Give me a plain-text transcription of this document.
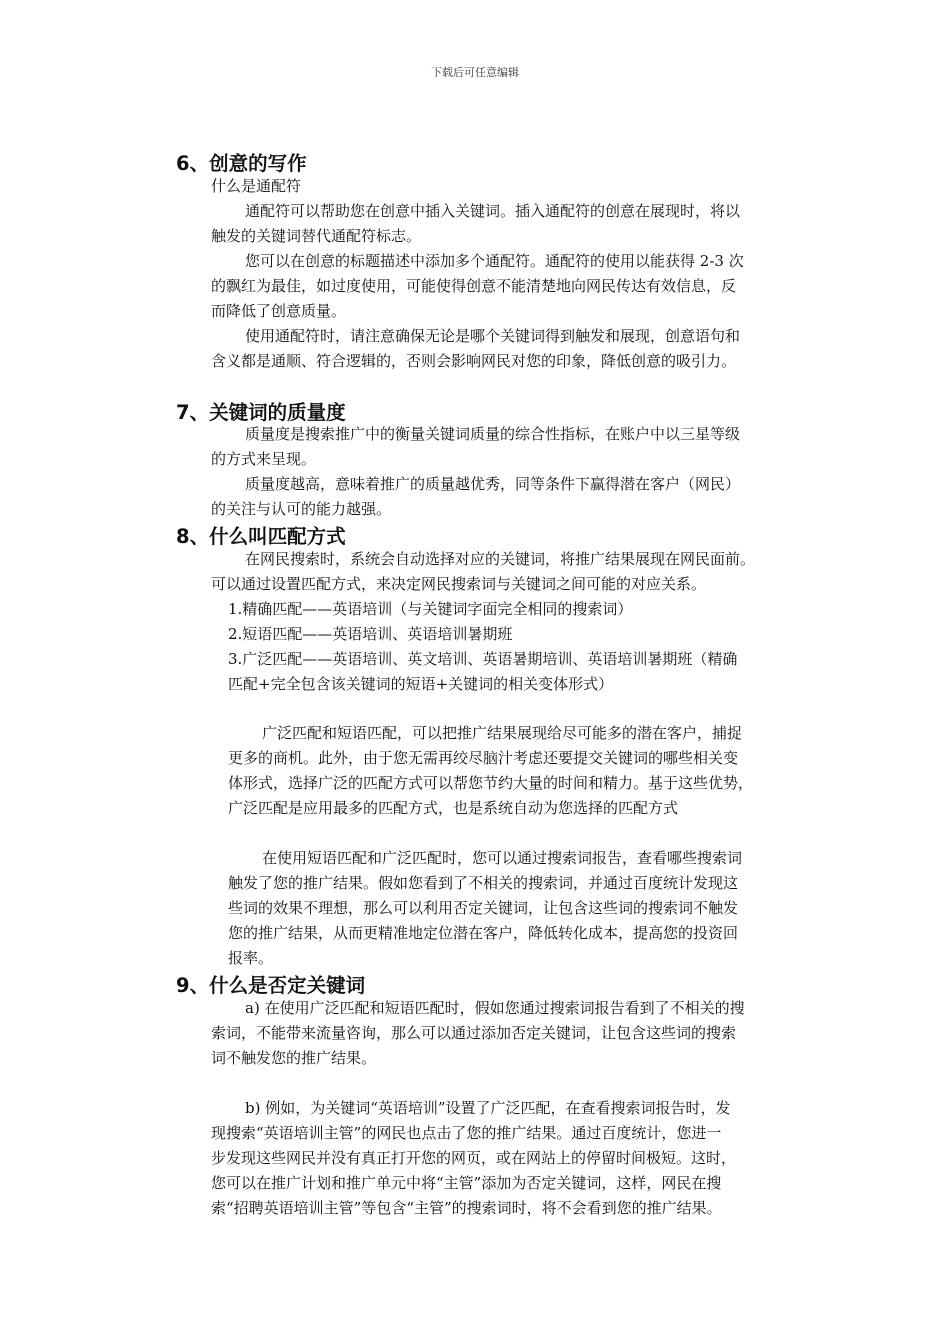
下载后可任意编辑
6、创意的写作
什么是通配符
通配符可以帮助您在创意中插入关键词。插入通配符的创意在展现时，将以
触发的关键词替代通配符标志。
您可以在创意的标题描述中添加多个通配符。通配符的使用以能获得 2-3 次
的飘红为最佳，如过度使用，可能使得创意不能清楚地向网民传达有效信息，反
而降低了创意质量。
使用通配符时，请注意确保无论是哪个关键词得到触发和展现，创意语句和
含义都是通顺、符合逻辑的，否则会影响网民对您的印象，降低创意的吸引力。
7、关键词的质量度
质量度是搜索推广中的衡量关键词质量的综合性指标，在账户中以三星等级
的方式来呈现。
质量度越高，意味着推广的质量越优秀，同等条件下赢得潜在客户（网民）
的关注与认可的能力越强。
8、什么叫匹配方式
在网民搜索时，系统会自动选择对应的关键词，将推广结果展现在网民面前。
可以通过设置匹配方式，来决定网民搜索词与关键词之间可能的对应关系。
1.精确匹配——英语培训（与关键词字面完全相同的搜索词）
2.短语匹配——英语培训、英语培训暑期班
3.广泛匹配——英语培训、英文培训、英语暑期培训、英语培训暑期班（精确
匹配+完全包含该关键词的短语+关键词的相关变体形式）
广泛匹配和短语匹配，可以把推广结果展现给尽可能多的潜在客户，捕捉
更多的商机。此外，由于您无需再绞尽脑汁考虑还要提交关键词的哪些相关变
体形式，选择广泛的匹配方式可以帮您节约大量的时间和精力。基于这些优势，
广泛匹配是应用最多的匹配方式，也是系统自动为您选择的匹配方式
在使用短语匹配和广泛匹配时，您可以通过搜索词报告，查看哪些搜索词
触发了您的推广结果。假如您看到了不相关的搜索词，并通过百度统计发现这
些词的效果不理想，那么可以利用否定关键词，让包含这些词的搜索词不触发
您的推广结果，从而更精准地定位潜在客户，降低转化成本，提高您的投资回
报率。
9、什么是否定关键词
a) 在使用广泛匹配和短语匹配时，假如您通过搜索词报告看到了不相关的搜
索词，不能带来流量咨询，那么可以通过添加否定关键词，让包含这些词的搜索
词不触发您的推广结果。
b) 例如，为关键词“英语培训”设置了广泛匹配，在查看搜索词报告时，发
现搜索“英语培训主管”的网民也点击了您的推广结果。通过百度统计，您进一
步发现这些网民并没有真正打开您的网页，或在网站上的停留时间极短。这时，
您可以在推广计划和推广单元中将“主管”添加为否定关键词，这样，网民在搜
索“招聘英语培训主管”等包含“主管”的搜索词时，将不会看到您的推广结果。
